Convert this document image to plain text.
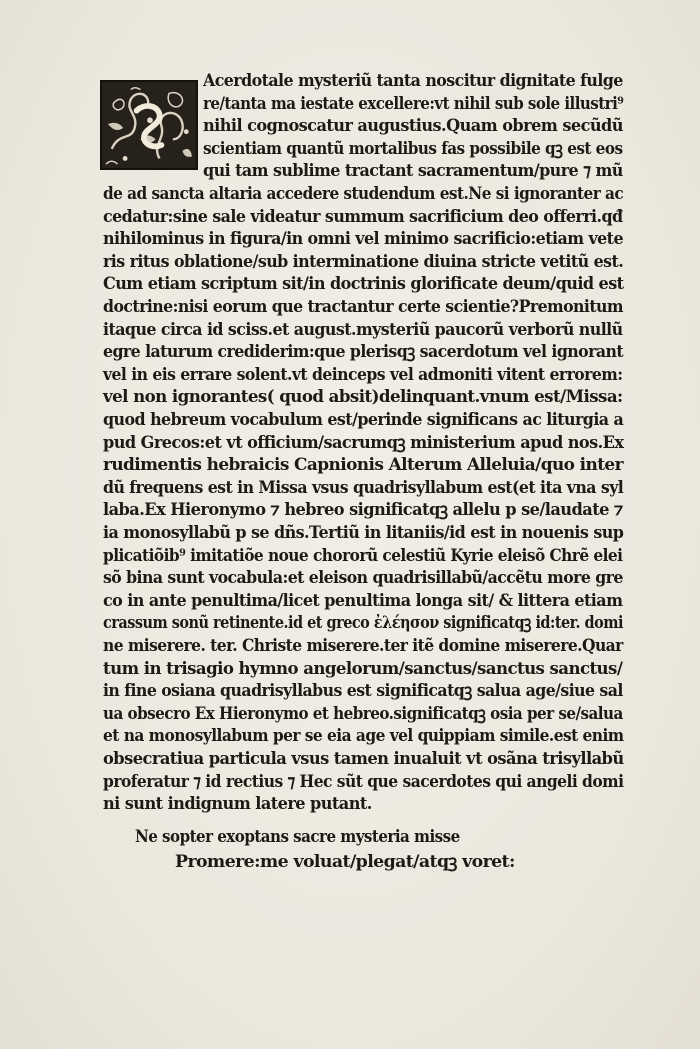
Acerdotale mysteriũ tanta noscitur dignitate fulge
re/tanta ma iestate excellere:vt nihil sub sole illustri⁹
nihil cognoscatur augustius.Quam obrem secũdũ
scientiam quantũ mortalibus fas possibile qꝫ est eos
qui tam sublime tractant sacramentum/pure ⁊ mũ
de ad sancta altaria accedere studendum est.Ne si ignoranter ac
cedatur:sine sale videatur summum sacrificium deo offerri.qđ
nihilominus in figura/in omni vel minimo sacrificio:etiam vete
ris ritus oblatione/sub interminatione diuina stricte vetitũ est.
Cum etiam scriptum sit/in doctrinis glorificate deum/quid est
doctrine:nisi eorum que tractantur certe scientie?Premonitum
itaque circa id sciss.et august.mysteriũ paucorũ verborũ nullũ
egre laturum crediderim:que plerisqꝫ sacerdotum vel ignorant
vel in eis errare solent.vt deinceps vel admoniti vitent errorem:
vel non ignorantes( quod absit)delinquant.vnum est/Missa:
quod hebreum vocabulum est/perinde significans ac liturgia a
pud Grecos:et vt officium/sacrumqꝫ ministerium apud nos.Ex
rudimentis hebraicis Capnionis Alterum Alleluia/quo inter
dũ frequens est in Missa vsus quadrisyllabum est(et ita vna syl
laba.Ex Hieronymo ⁊ hebreo significatqꝫ allelu p se/laudate ⁊
ia monosyllabũ p se dñs.Tertiũ in litaniis/id est in nouenis sup
plicatiõib⁹ imitatiõe noue chororũ celestiũ Kyrie eleisõ Chrẽ elei
sõ bina sunt vocabula:et eleison quadrisillabũ/accẽtu more gre
co in ante penultima/licet penultima longa sit/ & littera etiam
crassum sonũ retinente.id et greco ἐλέησον significatqꝫ id:ter. domi
ne miserere. ter. Christe miserere.ter itẽ domine miserere.Quar
tum in trisagio hymno angelorum/sanctus/sanctus sanctus/
in fine osiana quadrisyllabus est significatqꝫ salua age/siue sal
ua obsecro Ex Hieronymo et hebreo.significatqꝫ osia per se/salua
et na monosyllabum per se eia age vel quippiam simile.est enim
obsecratiua particula vsus tamen inualuit vt osãna trisyllabũ
proferatur ⁊ id rectius ⁊ Hec sũt que sacerdotes qui angeli domi
ni sunt indignum latere putant.
Ne sopter exoptans sacre mysteria misse
Promere:me voluat/plegat/atqꝫ voret:
